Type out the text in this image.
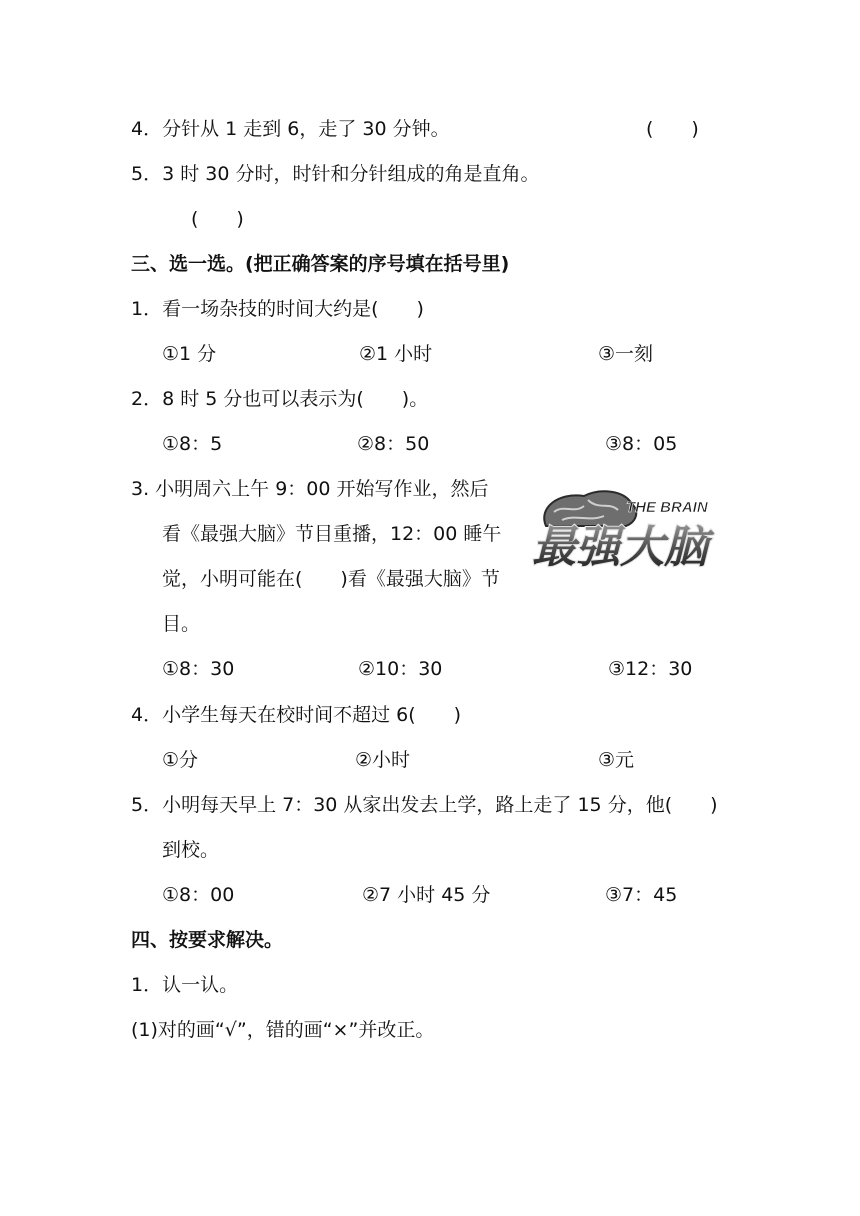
4．分针从 1 走到 6，走了 30 分钟。	(　　)
5．3 时 30 分时，时针和分针组成的角是直角。
(　　)
三、选一选。(把正确答案的序号填在括号里)
1．看一场杂技的时间大约是(　　)
①1 分	②1 小时	③一刻
2．8 时 5 分也可以表示为(　　)。
①8：5	②8：50	③8：05
3. 小明周六上午 9：00 开始写作业，然后
看《最强大脑》节目重播，12：00 睡午
觉，小明可能在(　　)看《最强大脑》节
目。
THE BRAIN
最强大脑
①8：30	②10：30	③12：30
4．小学生每天在校时间不超过 6(　　)
①分	②小时	③元
5．小明每天早上 7：30 从家出发去上学，路上走了 15 分，他(　　)
到校。
①8：00	②7 小时 45 分	③7：45
四、按要求解决。
1．认一认。
(1)对的画“√”，错的画“×”并改正。
